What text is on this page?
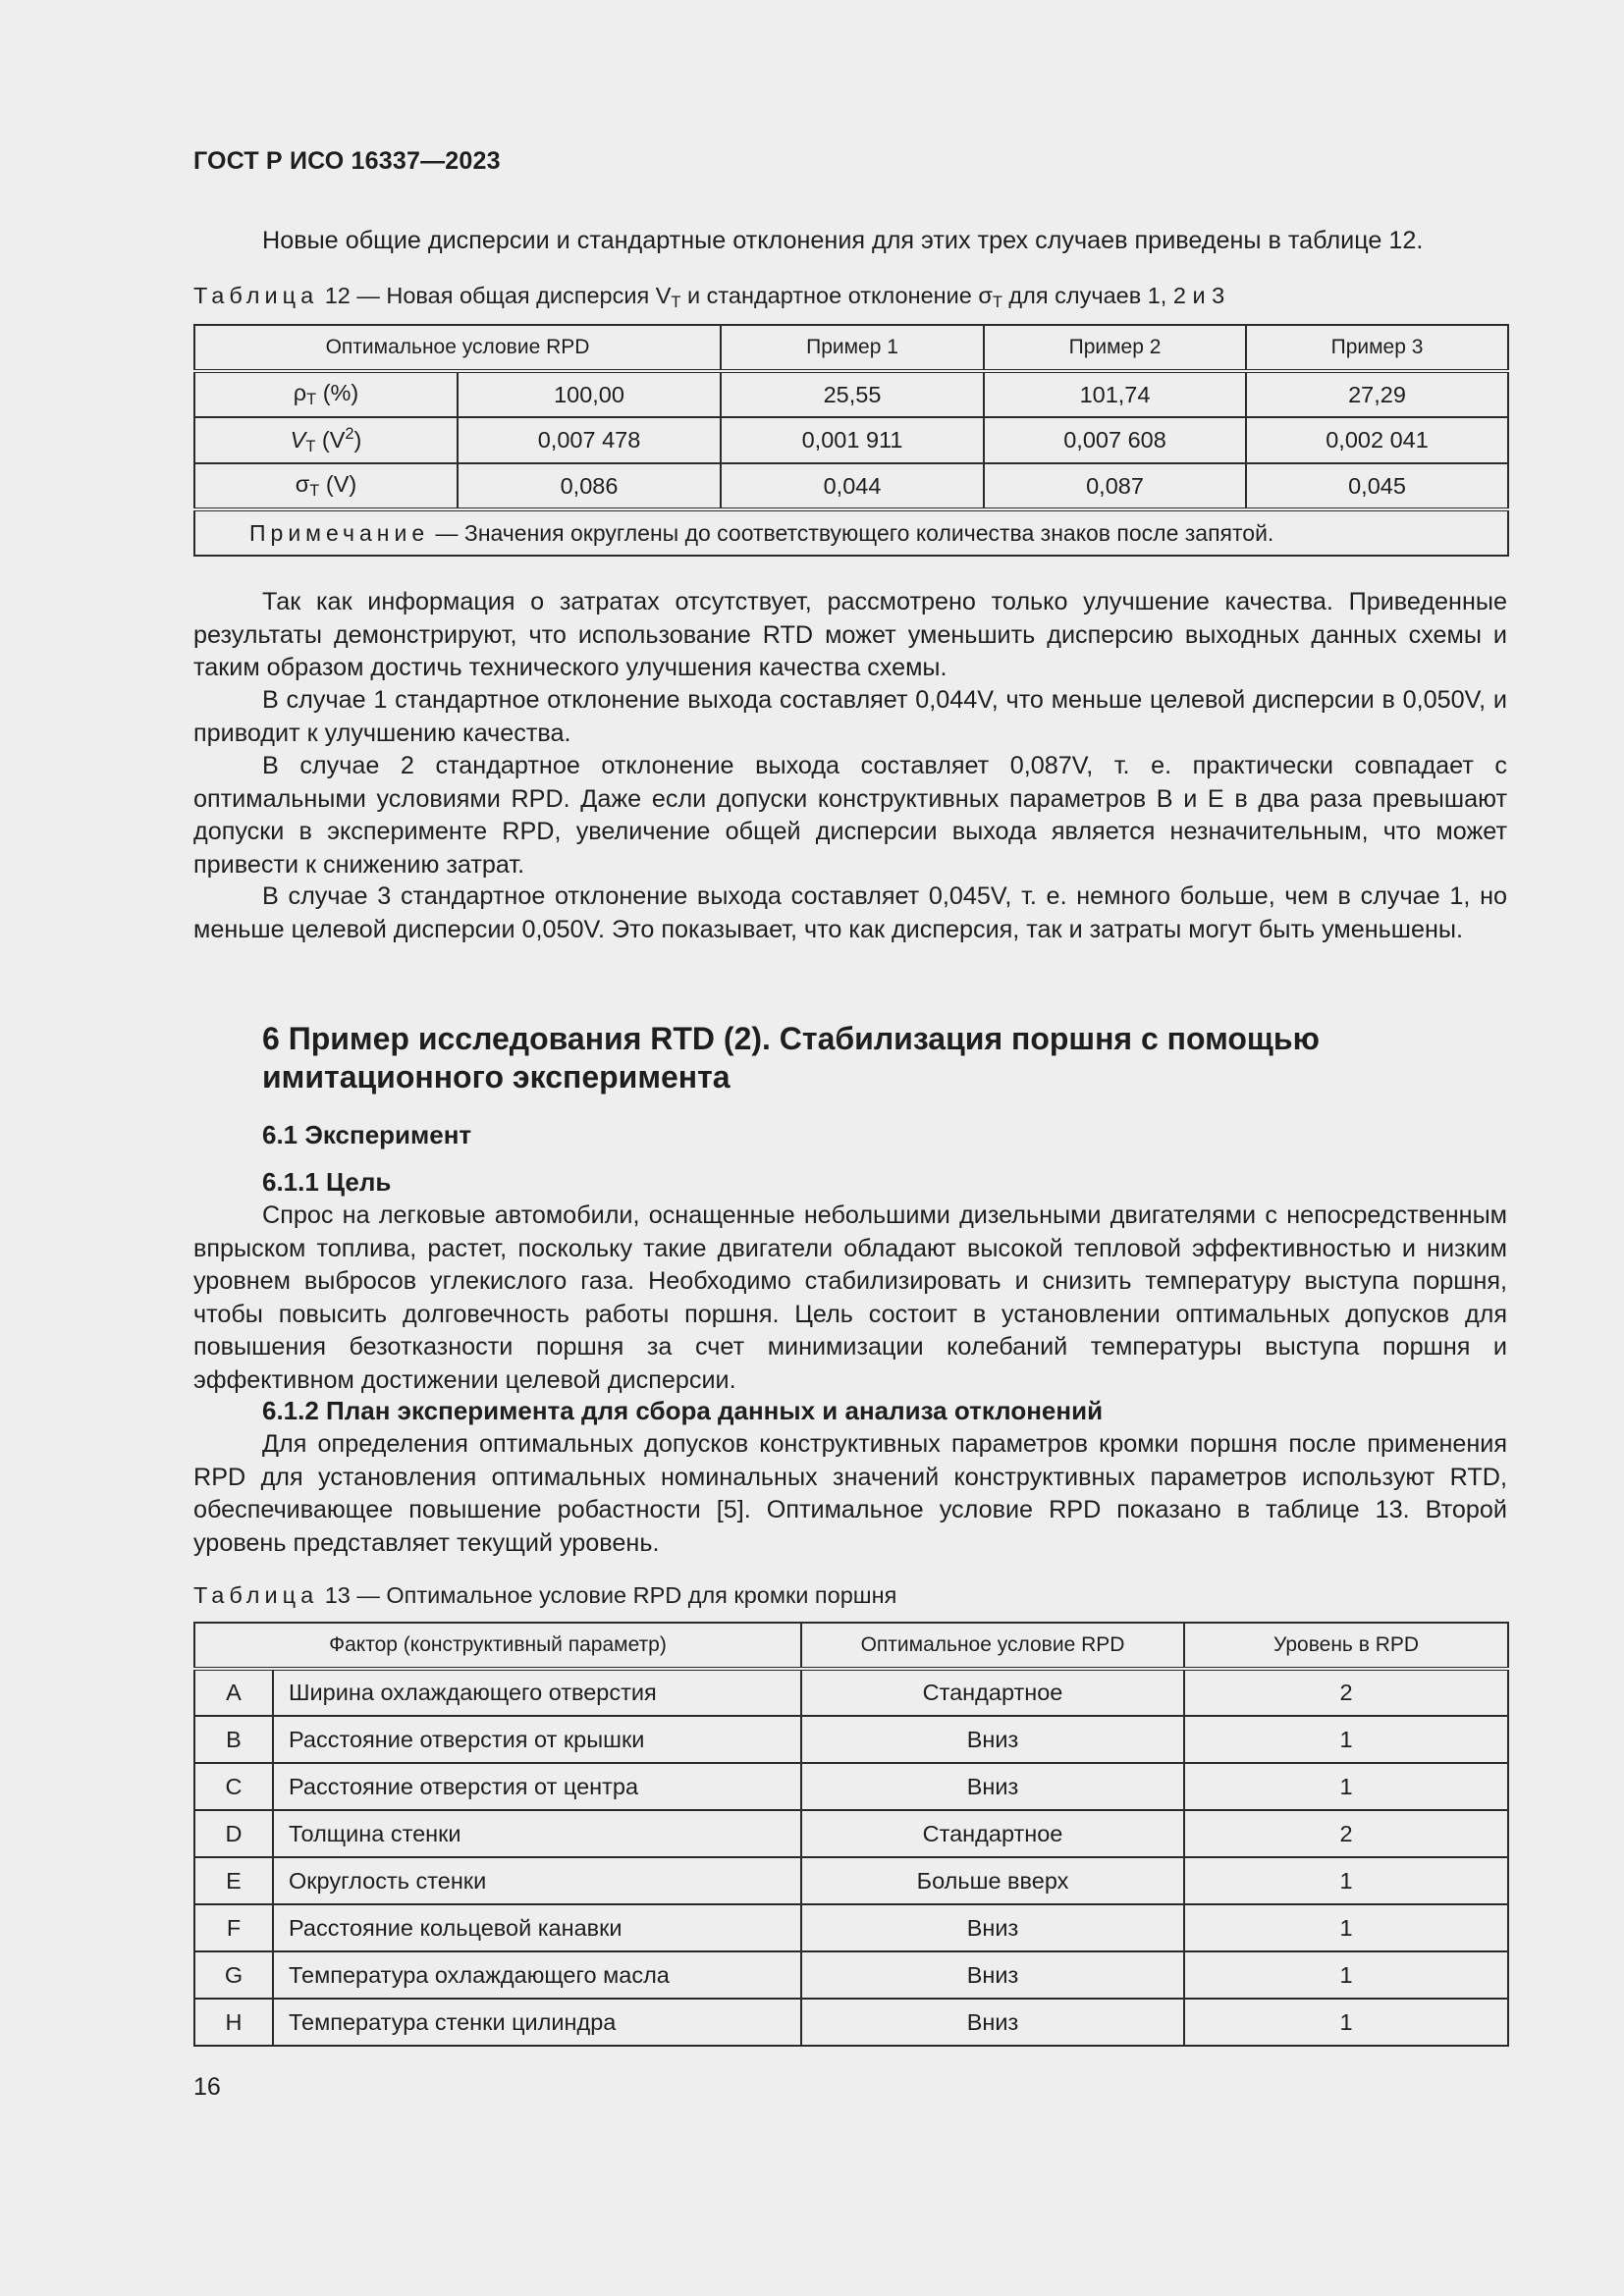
ГОСТ Р ИСО 16337—2023
Новые общие дисперсии и стандартные отклонения для этих трех случаев приведены в таблице 12.
Таблица 12 — Новая общая дисперсия $V_T$ и стандартное отклонение $\sigma_T$ для случаев 1, 2 и 3
Оптимальное условие RPD		Пример 1	Пример 2	Пример 3
$\rho_T$ (%)	100,00	25,55	101,74	27,29
$V_T$ $(V^2)$	0,007 478	0,001 911	0,007 608	0,002 041
$\sigma_T$ (V)	0,086	0,044	0,087	0,045
Примечание — Значения округлены до соответствующего количества знаков после запятой.				
Так как информация о затратах отсутствует, рассмотрено только улучшение качества. Приведенные результаты демонстрируют, что использование RTD может уменьшить дисперсию выходных данных схемы и таким образом достичь технического улучшения качества схемы.
В случае 1 стандартное отклонение выхода составляет 0,044V, что меньше целевой дисперсии в 0,050V, и приводит к улучшению качества.
В случае 2 стандартное отклонение выхода составляет 0,087V, т. е. практически совпадает с оптимальными условиями RPD. Даже если допуски конструктивных параметров B и E в два раза превышают допуски в эксперименте RPD, увеличение общей дисперсии выхода является незначительным, что может привести к снижению затрат.
В случае 3 стандартное отклонение выхода составляет 0,045V, т. е. немного больше, чем в случае 1, но меньше целевой дисперсии 0,050V. Это показывает, что как дисперсия, так и затраты могут быть уменьшены.
6 Пример исследования RTD (2). Стабилизация поршня с помощью
имитационного эксперимента
6.1 Эксперимент
6.1.1 Цель
Спрос на легковые автомобили, оснащенные небольшими дизельными двигателями с непосредственным впрыском топлива, растет, поскольку такие двигатели обладают высокой тепловой эффективностью и низким уровнем выбросов углекислого газа. Необходимо стабилизировать и снизить температуру выступа поршня, чтобы повысить долговечность работы поршня. Цель состоит в установлении оптимальных допусков для повышения безотказности поршня за счет минимизации колебаний температуры выступа поршня и эффективном достижении целевой дисперсии.
6.1.2 План эксперимента для сбора данных и анализа отклонений
Для определения оптимальных допусков конструктивных параметров кромки поршня после применения RPD для установления оптимальных номинальных значений конструктивных параметров используют RTD, обеспечивающее повышение робастности [5]. Оптимальное условие RPD показано в таблице 13. Второй уровень представляет текущий уровень.
Таблица 13 — Оптимальное условие RPD для кромки поршня
Фактор (конструктивный параметр)		Оптимальное условие RPD	Уровень в RPD
A	Ширина охлаждающего отверстия	Стандартное	2
B	Расстояние отверстия от крышки	Вниз	1
C	Расстояние отверстия от центра	Вниз	1
D	Толщина стенки	Стандартное	2
E	Округлость стенки	Больше вверх	1
F	Расстояние кольцевой канавки	Вниз	1
G	Температура охлаждающего масла	Вниз	1
H	Температура стенки цилиндра	Вниз	1
16
